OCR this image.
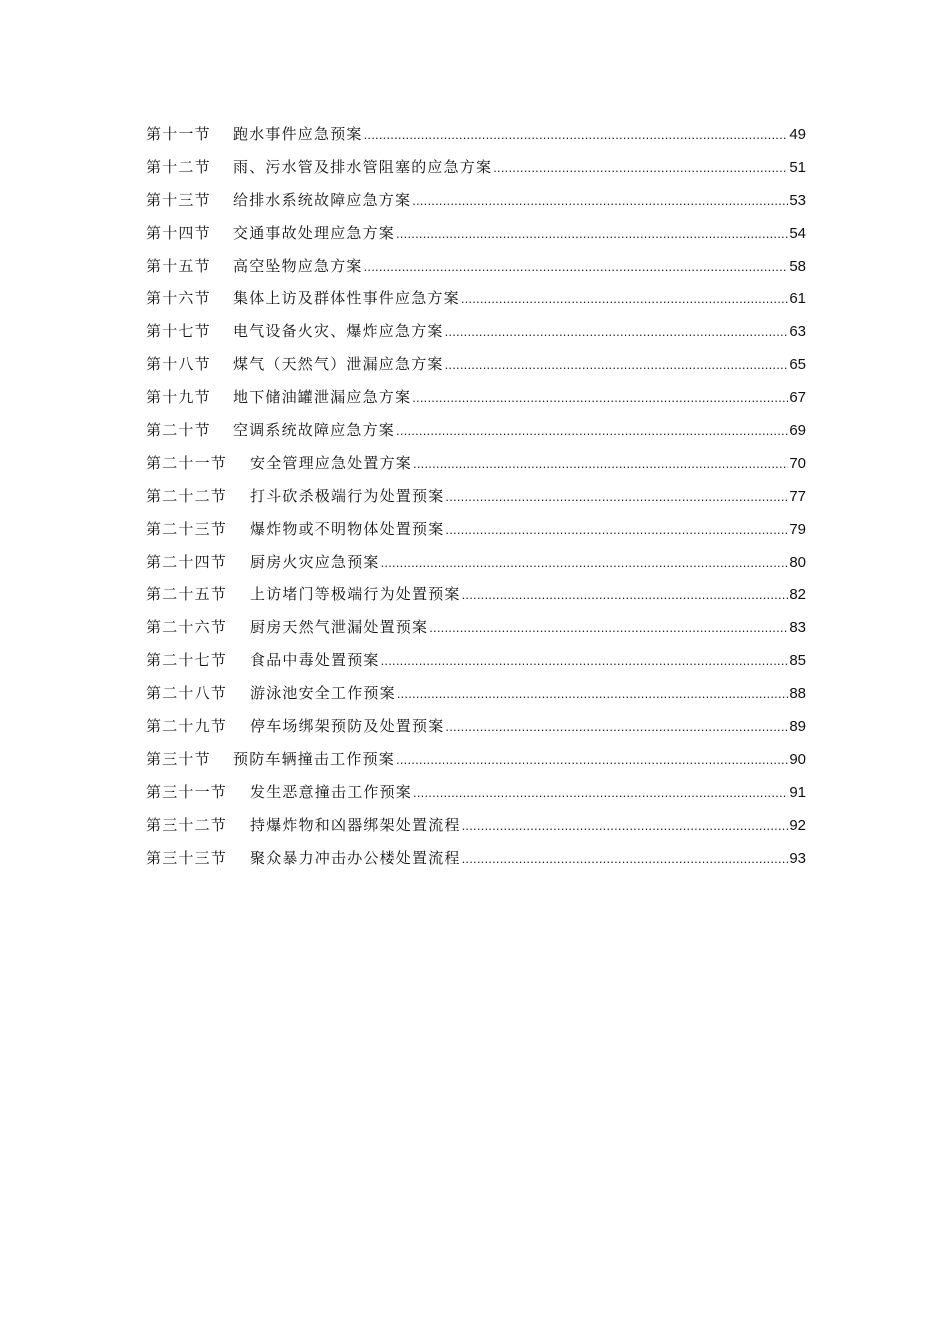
第十一节	跑水事件应急预案 .....	49
第十二节	雨、污水管及排水管阻塞的应急方案 .....	51
第十三节	给排水系统故障应急方案 .....	53
第十四节	交通事故处理应急方案 .....	54
第十五节	高空坠物应急方案 .....	58
第十六节	集体上访及群体性事件应急方案 .....	61
第十七节	电气设备火灾、爆炸应急方案 .....	63
第十八节	煤气（天然气）泄漏应急方案 .....	65
第十九节	地下储油罐泄漏应急方案 .....	67
第二十节	空调系统故障应急方案 .....	69
第二十一节	安全管理应急处置方案 .....	70
第二十二节	打斗砍杀极端行为处置预案 .....	77
第二十三节	爆炸物或不明物体处置预案 .....	79
第二十四节	厨房火灾应急预案 .....	80
第二十五节	上访堵门等极端行为处置预案 .....	82
第二十六节	厨房天然气泄漏处置预案 .....	83
第二十七节	食品中毒处置预案 .....	85
第二十八节	游泳池安全工作预案 .....	88
第二十九节	停车场绑架预防及处置预案 .....	89
第三十节	预防车辆撞击工作预案 .....	90
第三十一节	发生恶意撞击工作预案 .....	91
第三十二节	持爆炸物和凶器绑架处置流程 .....	92
第三十三节	聚众暴力冲击办公楼处置流程 .....	93
